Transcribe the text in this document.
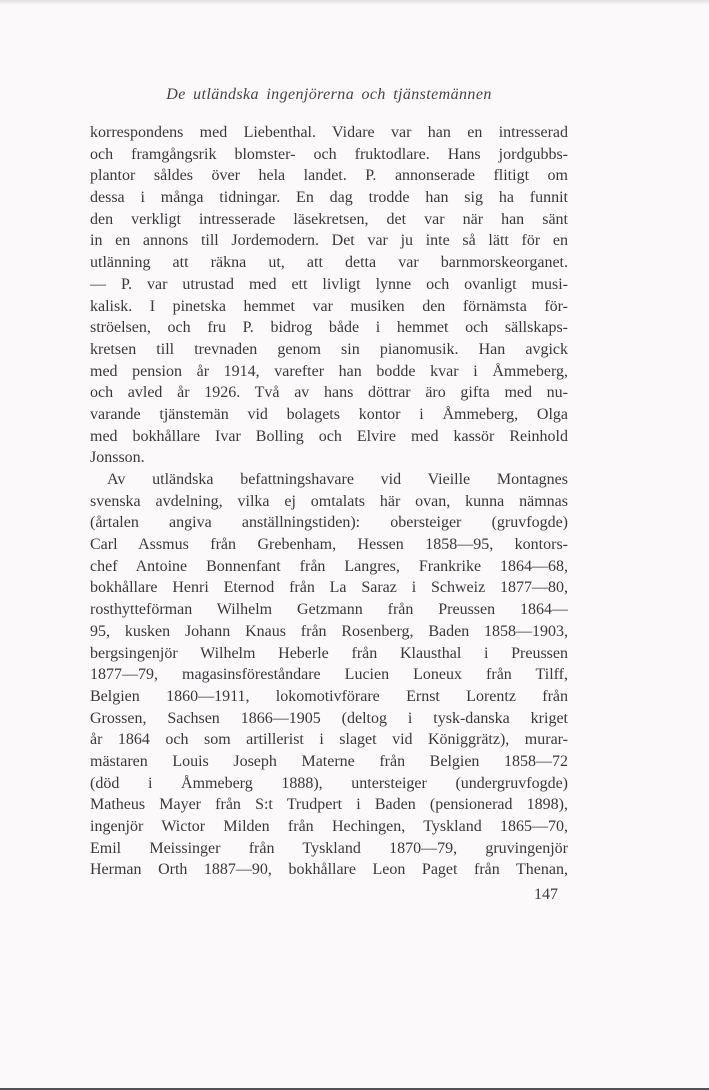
De utländska ingenjörerna och tjänstemännen
korrespondens med Liebenthal. Vidare var han en intresserad
och framgångsrik blomster- och fruktodlare. Hans jordgubbs-
plantor såldes över hela landet. P. annonserade flitigt om
dessa i många tidningar. En dag trodde han sig ha funnit
den verkligt intresserade läsekretsen, det var när han sänt
in en annons till Jordemodern. Det var ju inte så lätt för en
utlänning att räkna ut, att detta var barnmorskeorganet.
— P. var utrustad med ett livligt lynne och ovanligt musi-
kalisk. I pinetska hemmet var musiken den förnämsta för-
ströelsen, och fru P. bidrog både i hemmet och sällskaps-
kretsen till trevnaden genom sin pianomusik. Han avgick
med pension år 1914, varefter han bodde kvar i Åmmeberg,
och avled år 1926. Två av hans döttrar äro gifta med nu-
varande tjänstemän vid bolagets kontor i Åmmeberg, Olga
med bokhållare Ivar Bolling och Elvire med kassör Reinhold
Jonsson.
Av utländska befattningshavare vid Vieille Montagnes
svenska avdelning, vilka ej omtalats här ovan, kunna nämnas
(årtalen angiva anställningstiden): obersteiger (gruvfogde)
Carl Assmus från Grebenham, Hessen 1858—95, kontors-
chef Antoine Bonnenfant från Langres, Frankrike 1864—68,
bokhållare Henri Eternod från La Saraz i Schweiz 1877—80,
rosthytteförman Wilhelm Getzmann från Preussen 1864—
95, kusken Johann Knaus från Rosenberg, Baden 1858—1903,
bergsingenjör Wilhelm Heberle från Klausthal i Preussen
1877—79, magasinsföreståndare Lucien Loneux från Tilff,
Belgien 1860—1911, lokomotivförare Ernst Lorentz från
Grossen, Sachsen 1866—1905 (deltog i tysk-danska kriget
år 1864 och som artillerist i slaget vid Königgrätz), murar-
mästaren Louis Joseph Materne från Belgien 1858—72
(död i Åmmeberg 1888), untersteiger (undergruvfogde)
Matheus Mayer från S:t Trudpert i Baden (pensionerad 1898),
ingenjör Wictor Milden från Hechingen, Tyskland 1865—70,
Emil Meissinger från Tyskland 1870—79, gruvingenjör
Herman Orth 1887—90, bokhållare Leon Paget från Thenan,
147
